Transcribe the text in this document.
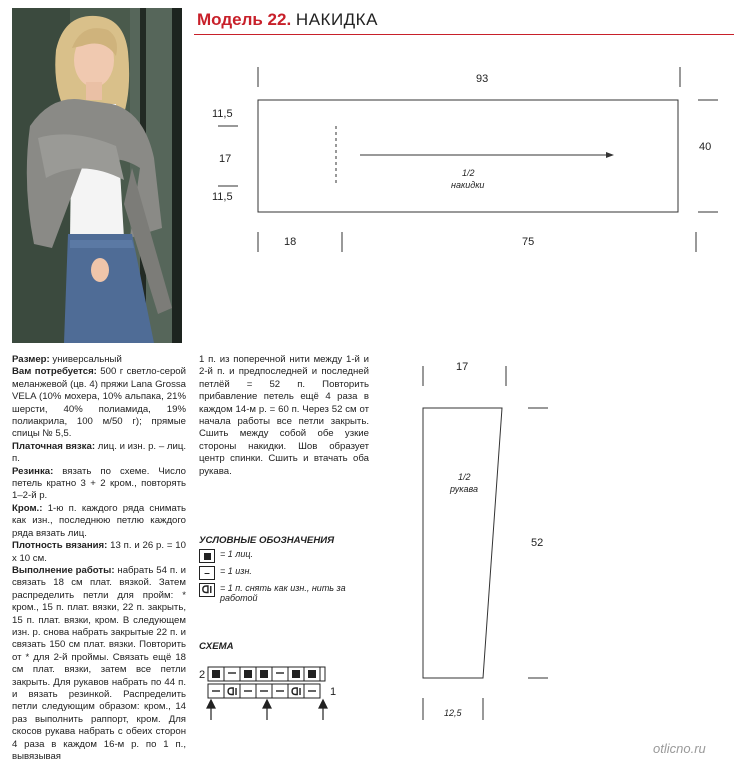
Модель 22. НАКИДКА
93
11,5
17
11,5
40
18	75
1/2
накидки
17
52
12,5
1/2
рукава
2
1
ᗡI	ᗡI

Размер: универсальный

Вам потребуется: 500 г светло-серой меланжевой (цв. 4) пряжи Lana Grossa VELA (10% мохера, 10% альпака, 21% шерсти, 40% полиамида, 19% полиакрила, 100 м/50 г); прямые спицы № 5,5.

Платочная вязка: лиц. и изн. р. – лиц. п.

Резинка: вязать по схеме. Число петель кратно 3 + 2 кром., повторять 1–2-й р.

Кром.: 1-ю п. каждого ряда снимать как изн., последнюю петлю каждого ряда вязать лиц.

Плотность вязания: 13 п. и 26 р. = 10 х 10 см.

Выполнение работы: набрать 54 п. и связать 18 см плат. вязкой. Затем распределить петли для пройм: * кром., 15 п. плат. вязки, 22 п. закрыть, 15 п. плат. вязки, кром. В следующем изн. р. снова набрать закрытые 22 п. и связать 150 см плат. вязки. Повторить от * для 2-й проймы. Связать ещё 18 см плат. вязки, затем все петли закрыть. Для рукавов набрать по 44 п. и вязать резинкой. Распределить петли следующим образом: кром., 14 раз выполнить раппорт, кром. Для скосов рукава набрать с обеих сторон 4 раза в каждом 16-м р. по 1 п., вывязывая

1 п. из поперечной нити между 1-й и 2-й п. и предпоследней и последней петлёй = 52 п. Повторить прибавление петель ещё 4 раза в каждом 14-м р. = 60 п. Через 52 см от начала работы все петли закрыть. Сшить между собой обе узкие стороны накидки. Шов образует центр спинки. Сшить и втачать оба рукава.

УСЛОВНЫЕ ОБОЗНАЧЕНИЯ
= 1 лиц.
– = 1 изн.
ᗡI = 1 п. снять как изн., нить за работой
СХЕМА
otlicno.ru
